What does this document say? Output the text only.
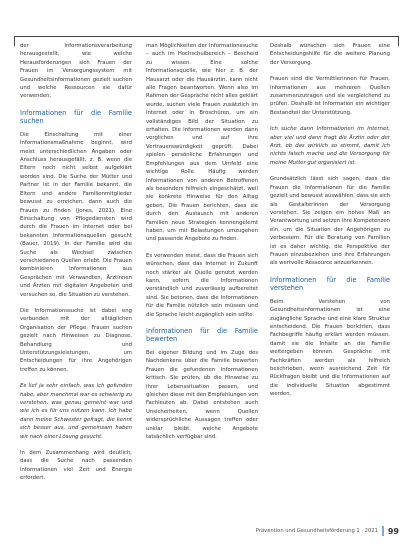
der Informationsverarbeitung herausgestellt, wie welche Herausforderungen sich Frauen der Frauen im Versorgungssystem mit Gesundheitsinformationen gezielt suchen und welche Ressourcen sie dafür verwenden.

Informationen für die Familie suchen

Die Einschaltung mit einer Informationsmaßnahme beginnt, wird meist unterschiedlichen Angaben oder Anschluss herausgefällt, z. B. wenn die Eltern noch nicht selbst aufgeklärt worden sind. Die Suche der Mütter und Partner ist in der Familie bekannt, die Eltern und andere Familienmitglieder bewusst zu erreichen, dann auch die Frauen zu finden (Jones, 2021). Eine Einschaltung von Pflegediensten wird durch die Frauen im Internet oder bei bekannten Informationsquellen gesucht (Bauer, 2019). In der Familie wird die Suche als Wechsel zwischen verschiedenen Quellen erlebt. Die Frauen kombinieren Informationen aus Gesprächen mit Verwandten, Ärztinnen und Ärzten mit digitalen Angeboten und versuchen so, die Situation zu verstehen.

Die Informationssuche ist dabei eng verbunden mit der alltäglichen Organisation der Pflege. Frauen suchen gezielt nach Hinweisen zu Diagnose, Behandlung und Unterstützungsleistungen, um Entscheidungen für ihre Angehörigen treffen zu können.

Es lief ja sehr einfach, was ich gefunden habe, aber manchmal war es schwierig zu verstehen, was genau gemeint war und wie ich es für uns nutzen kann. Ich habe dann meine Schwester gefragt, die kennt sich besser aus, und gemeinsam haben wir nach einer Lösung gesucht.

In dem Zusammenhang wird deutlich, dass die Suche nach passenden Informationen viel Zeit und Energie erfordert.

man Möglichkeiten der Informationssuche – auch im Hochschulbereich – Bescheid zu wissen. Eine solche Informationsquelle, wie hier z. B. der Hausarzt oder die Hausärztin, kann nicht alle Fragen beantworten. Wenn also im Rahmen der Gespräche nicht alles geklärt wurde, suchen viele Frauen zusätzlich im Internet oder in Broschüren, um ein vollständiges Bild der Situation zu erhalten. Die Informationen werden dann verglichen und auf ihre Vertrauenswürdigkeit geprüft. Dabei spielen persönliche Erfahrungen und Empfehlungen aus dem Umfeld eine wichtige Rolle. Häufig werden Informationen von anderen Betroffenen als besonders hilfreich eingeschätzt, weil sie konkrete Hinweise für den Alltag geben. Die Frauen berichten, dass sie durch den Austausch mit anderen Familien neue Strategien kennengelernt haben, um mit Belastungen umzugehen und passende Angebote zu finden.

Es verwenden meist, dass die Frauen sich wünschen, dass das Internet in Zukunft noch stärker als Quelle genutzt werden kann, sofern die Informationen verständlich und zuverlässig aufbereitet sind. Sie betonen, dass die Informationen für die Familie nützlich sein müssen und die Sprache leicht zugänglich sein sollte.

Informationen für die Familie bewerten

Bei eigener Bildung und im Zuge des Nachdenkens über die Familie bewerten Frauen die gefundenen Informationen kritisch. Sie prüfen, ob die Hinweise zu ihrer Lebenssituation passen, und gleichen diese mit den Empfehlungen von Fachleuten ab. Dabei entstehen auch Unsicherheiten, wenn Quellen widersprüchliche Aussagen treffen oder unklar bleibt, welche Angebote tatsächlich verfügbar sind.

Deshalb wünschen sich Frauen eine Entscheidungshilfe für die weitere Planung der Versorgung.

Frauen sind die Vermittlerinnen für Frauen, Informationen aus mehreren Quellen zusammenzutragen und sie vergleichend zu prüfen. Deshalb ist Information ein wichtiger Bestandteil der Unterstützung.

Ich suche dann Informationen im Internet, aber viel und dann fragt die Ärztin oder der Arzt, ob das wirklich so stimmt, damit ich nichts falsch mache und die Versorgung für meine Mutter gut organisiert ist.

Grundsätzlich lässt sich sagen, dass die Frauen die Informationen für die Familie gezielt und bewusst auswählen, dass sie sich als Gestalterinnen der Versorgung verstehen. Sie zeigen ein hohes Maß an Verantwortung und setzen ihre Kompetenzen ein, um die Situation der Angehörigen zu verbessern. Für die Beratung von Familien ist es daher wichtig, die Perspektive der Frauen einzubeziehen und ihre Erfahrungen als wertvolle Ressource anzuerkennen.

Informationen für die Familie verstehen

Beim Verstehen von Gesundheitsinformationen ist eine zugängliche Sprache und eine klare Struktur entscheidend. Die Frauen berichten, dass Fachbegriffe häufig erklärt werden müssen, damit sie die Inhalte an die Familie weitergeben können. Gespräche mit Fachkräften werden als hilfreich beschrieben, wenn ausreichend Zeit für Rückfragen bleibt und die Informationen auf die individuelle Situation abgestimmt werden.

Prävention und Gesundheitsförderung 1 · 2021 99
